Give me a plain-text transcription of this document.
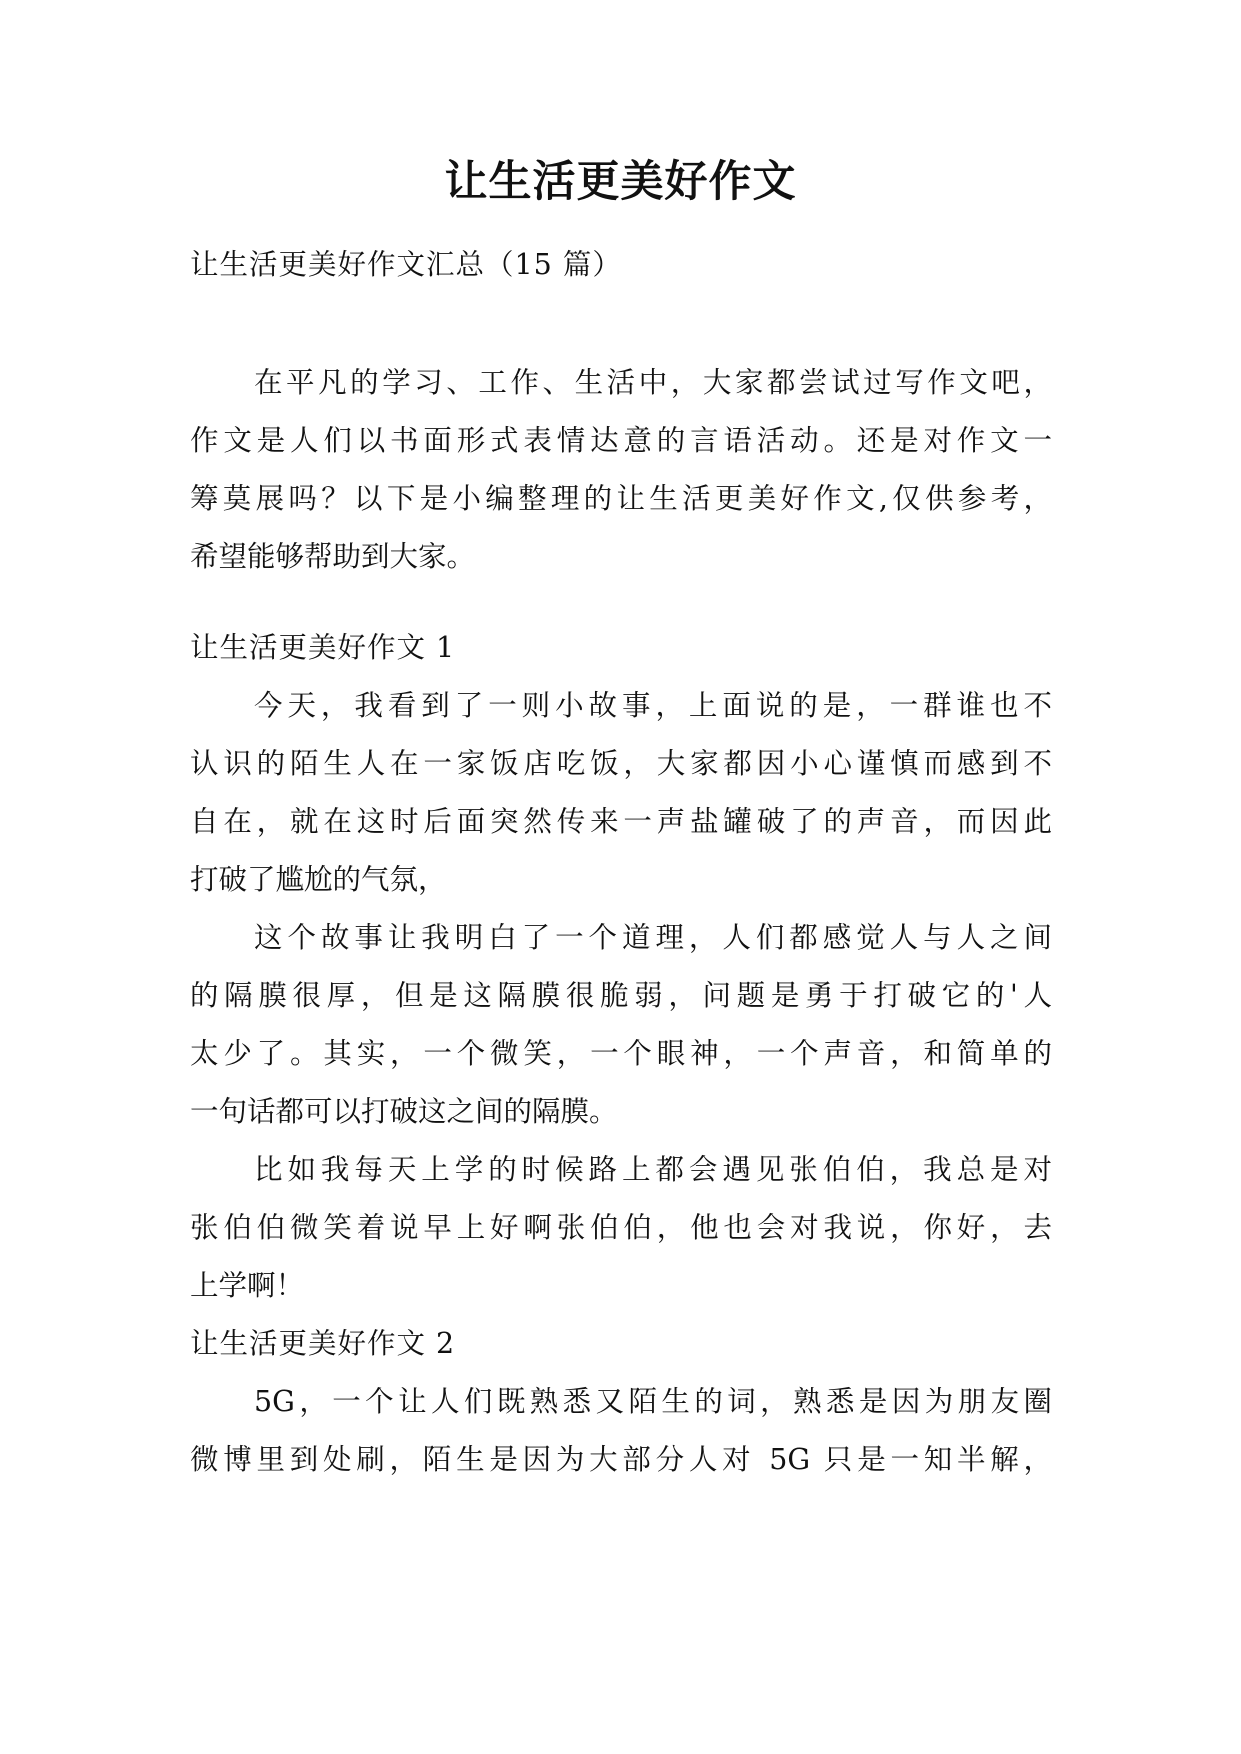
让生活更美好作文
让生活更美好作文汇总（15 篇）
在平凡的学习、工作、生活中，大家都尝试过写作文吧，
作文是人们以书面形式表情达意的言语活动。还是对作文一
筹莫展吗？以下是小编整理的让生活更美好作文,仅供参考，
希望能够帮助到大家。
让生活更美好作文 1
今天，我看到了一则小故事，上面说的是，一群谁也不
认识的陌生人在一家饭店吃饭，大家都因小心谨慎而感到不
自在，就在这时后面突然传来一声盐罐破了的声音，而因此
打破了尴尬的气氛，
这个故事让我明白了一个道理，人们都感觉人与人之间
的隔膜很厚，但是这隔膜很脆弱，问题是勇于打破它的'人
太少了。其实，一个微笑，一个眼神，一个声音，和简单的
一句话都可以打破这之间的隔膜。
比如我每天上学的时候路上都会遇见张伯伯，我总是对
张伯伯微笑着说早上好啊张伯伯，他也会对我说，你好，去
上学啊！
让生活更美好作文 2
5G，一个让人们既熟悉又陌生的词，熟悉是因为朋友圈
微博里到处刷，陌生是因为大部分人对 5G 只是一知半解，
